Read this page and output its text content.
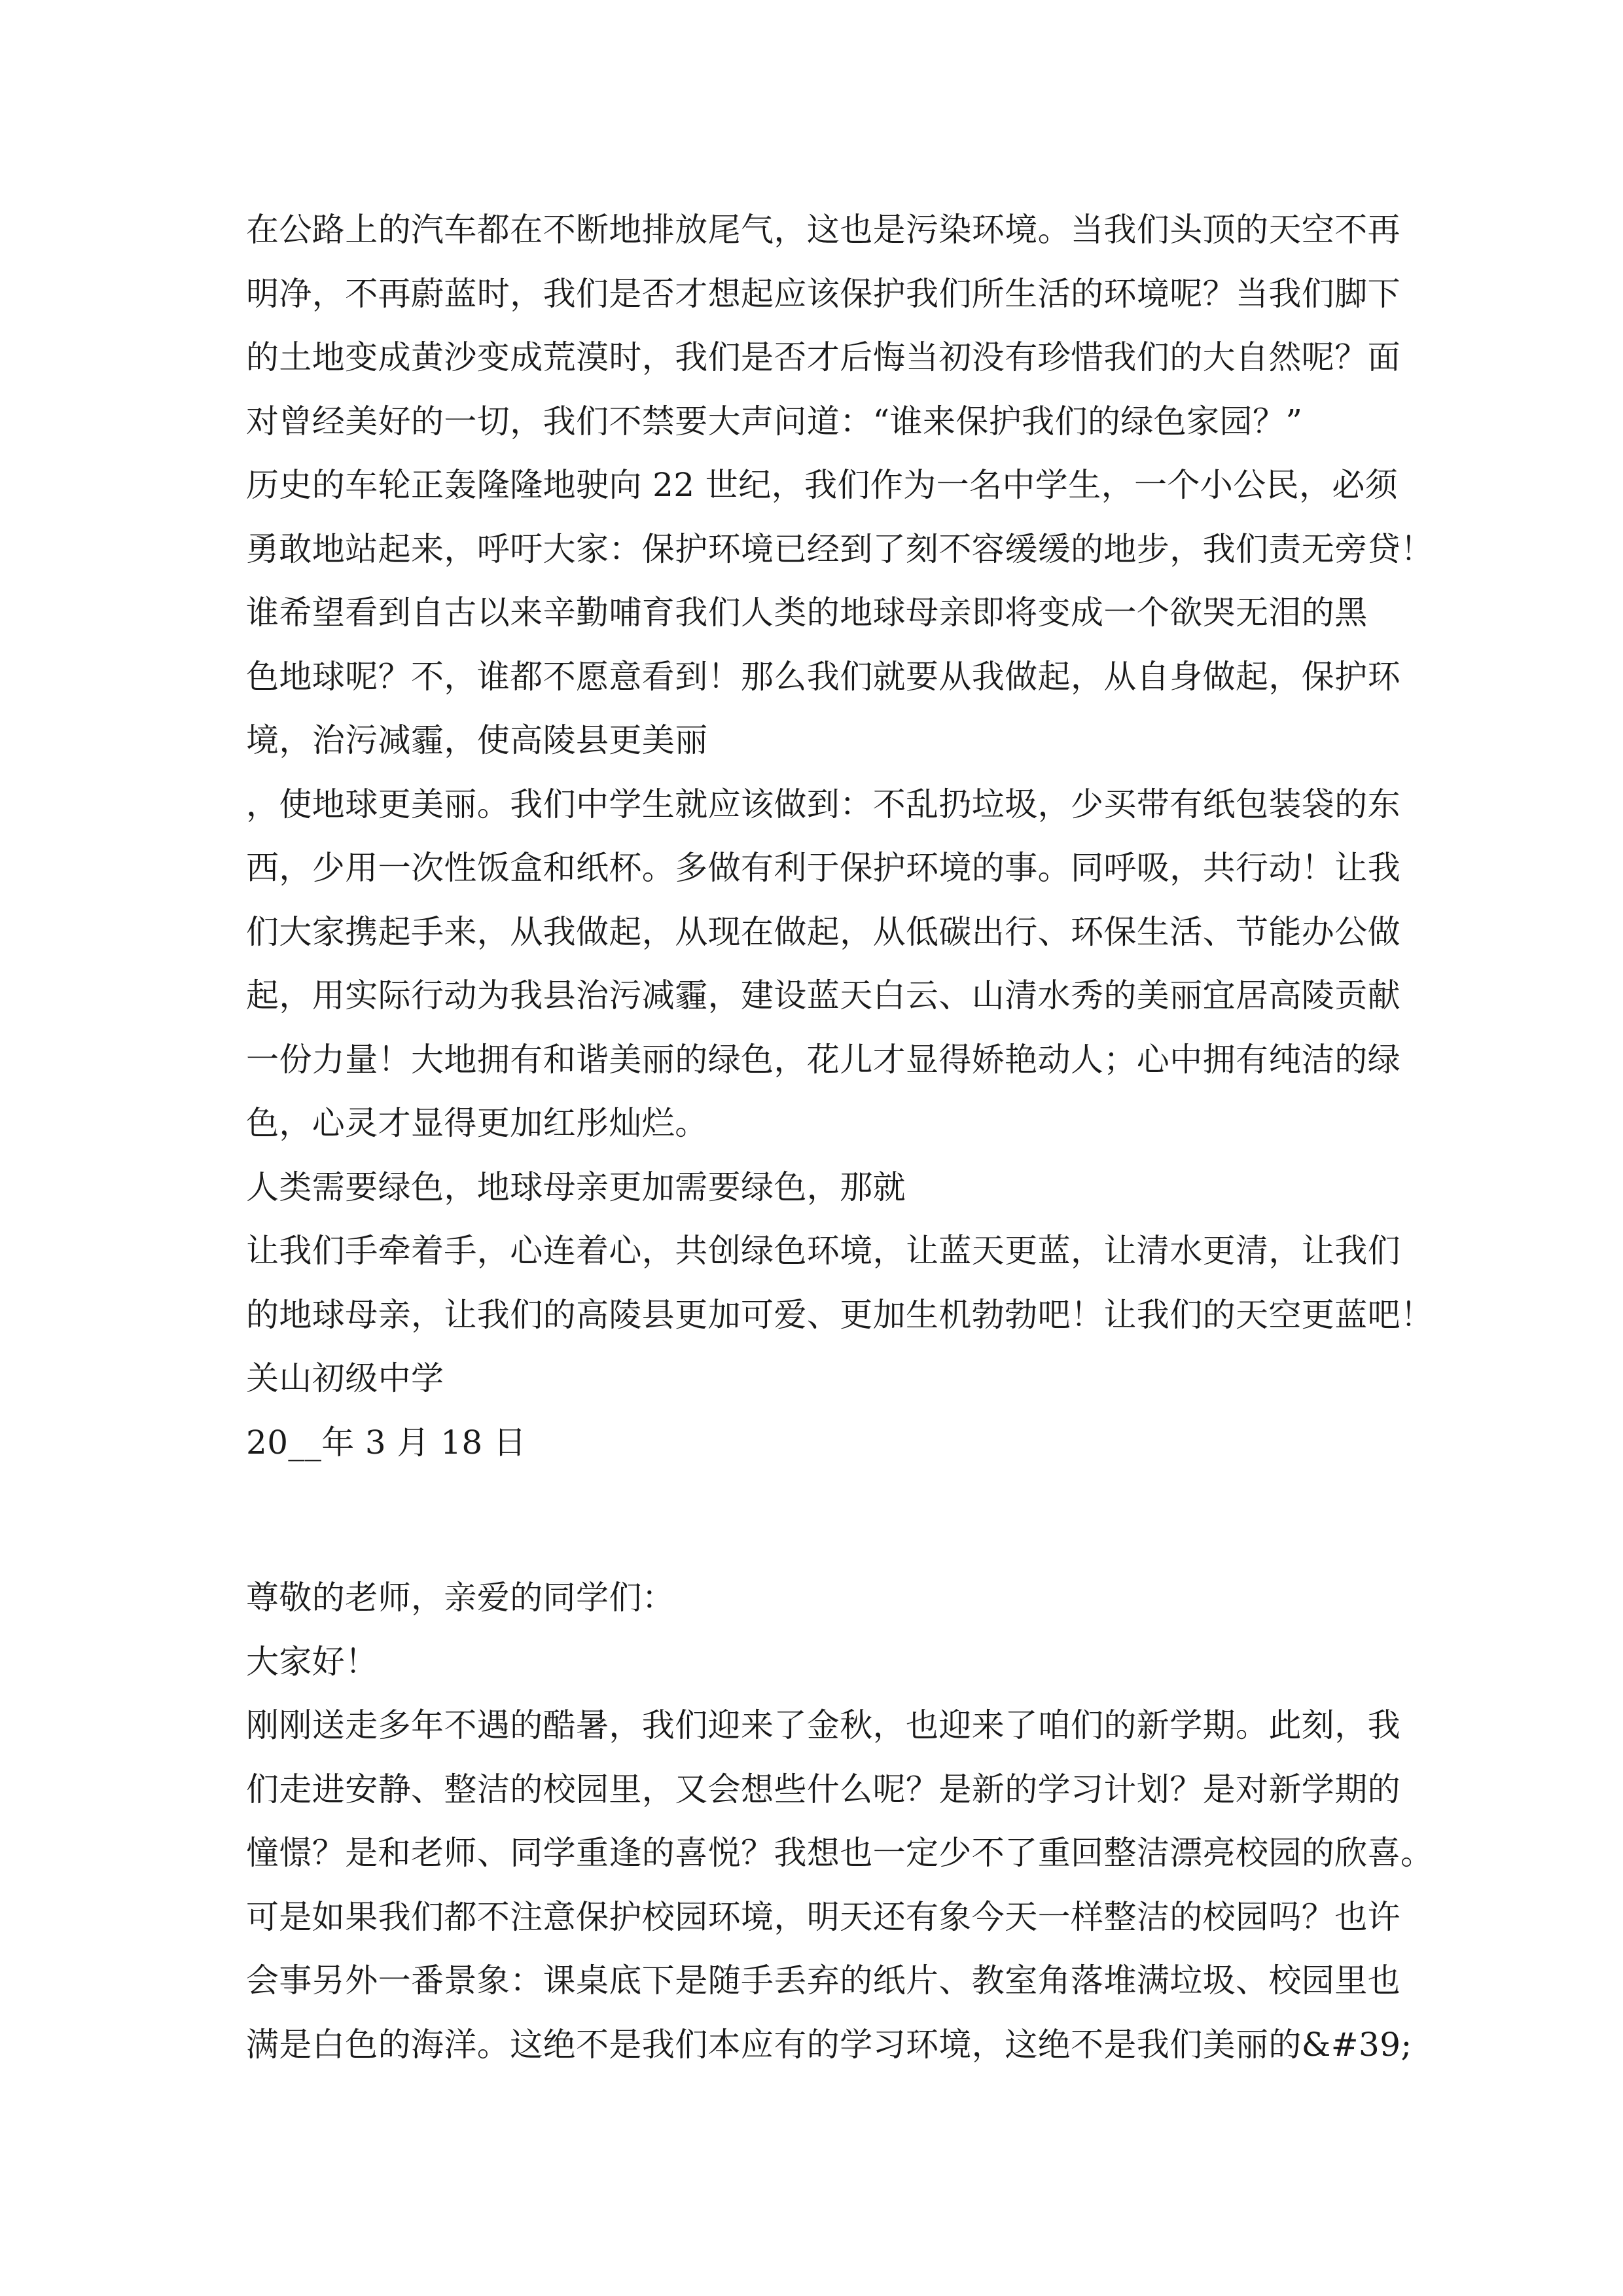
在公路上的汽车都在不断地排放尾气，这也是污染环境。当我们头顶的天空不再
明净，不再蔚蓝时，我们是否才想起应该保护我们所生活的环境呢？当我们脚下
的土地变成黄沙变成荒漠时，我们是否才后悔当初没有珍惜我们的大自然呢？面
对曾经美好的一切，我们不禁要大声问道：“谁来保护我们的绿色家园？”
历史的车轮正轰隆隆地驶向 22 世纪，我们作为一名中学生，一个小公民，必须
勇敢地站起来，呼吁大家：保护环境已经到了刻不容缓缓的地步，我们责无旁贷！
谁希望看到自古以来辛勤哺育我们人类的地球母亲即将变成一个欲哭无泪的黑
色地球呢？不，谁都不愿意看到！那么我们就要从我做起，从自身做起，保护环
境，治污减霾，使高陵县更美丽
，使地球更美丽。我们中学生就应该做到：不乱扔垃圾，少买带有纸包装袋的东
西，少用一次性饭盒和纸杯。多做有利于保护环境的事。同呼吸，共行动！让我
们大家携起手来，从我做起，从现在做起，从低碳出行、环保生活、节能办公做
起，用实际行动为我县治污减霾，建设蓝天白云、山清水秀的美丽宜居高陵贡献
一份力量！大地拥有和谐美丽的绿色，花儿才显得娇艳动人；心中拥有纯洁的绿
色，心灵才显得更加红彤灿烂。
人类需要绿色，地球母亲更加需要绿色，那就
让我们手牵着手，心连着心，共创绿色环境，让蓝天更蓝，让清水更清，让我们
的地球母亲，让我们的高陵县更加可爱、更加生机勃勃吧！让我们的天空更蓝吧！
关山初级中学
20__年 3 月 18 日
尊敬的老师，亲爱的同学们：
大家好！
刚刚送走多年不遇的酷暑，我们迎来了金秋，也迎来了咱们的新学期。此刻，我
们走进安静、整洁的校园里，又会想些什么呢？是新的学习计划？是对新学期的
憧憬？是和老师、同学重逢的喜悦？我想也一定少不了重回整洁漂亮校园的欣喜。
可是如果我们都不注意保护校园环境，明天还有象今天一样整洁的校园吗？也许
会事另外一番景象：课桌底下是随手丢弃的纸片、教室角落堆满垃圾、校园里也
满是白色的海洋。这绝不是我们本应有的学习环境，这绝不是我们美丽的&#39;
